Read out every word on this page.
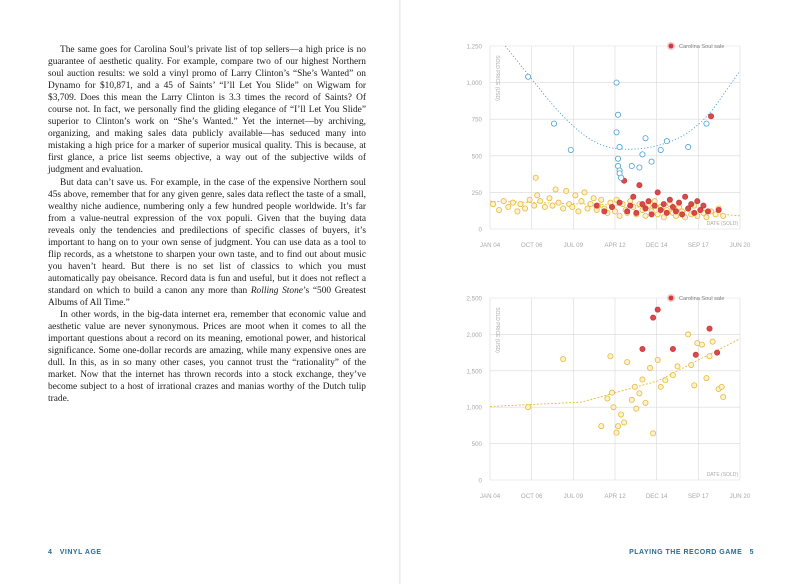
The same goes for Carolina Soul’s private list of top sellers—a high price is no guarantee of aesthetic quality. For example, compare two of our highest Northern soul auction results: we sold a vinyl promo of Larry Clinton’s “She’s Wanted” on Dynamo for $10,871, and a 45 of Saints’ “I’ll Let You Slide” on Wigwam for $3,709. Does this mean the Larry Clinton is 3.3 times the record of Saints? Of course not. In fact, we personally find the gliding elegance of “I’ll Let You Slide” superior to Clinton’s work on “She’s Wanted.” Yet the internet—by archiving, organizing, and making sales data publicly available—has seduced many into mistaking a high price for a marker of superior musical quality. This is because, at first glance, a price list seems objective, a way out of the subjective wilds of judgment and evaluation.

But data can’t save us. For example, in the case of the expensive Northern soul 45s above, remember that for any given genre, sales data reflect the taste of a small, wealthy niche audience, numbering only a few hundred people worldwide. It’s far from a value-neutral expression of the vox populi. Given that the buying data reveals only the tendencies and predilections of specific classes of buyers, it’s important to hang on to your own sense of judgment. You can use data as a tool to flip records, as a whetstone to sharpen your own taste, and to find out about music you haven’t heard. But there is no set list of classics to which you must automatically pay obeisance. Record data is fun and useful, but it does not reflect a standard on which to build a canon any more than Rolling Stone’s “500 Greatest Albums of All Time.”

In other words, in the big-data internet era, remember that economic value and aesthetic value are never synonymous. Prices are moot when it comes to all the important questions about a record on its meaning, emotional power, and historical significance. Some one-dollar records are amazing, while many expensive ones are dull. In this, as in so many other cases, you cannot trust the “rationality” of the market. Now that the internet has thrown records into a stock exchange, they’ve become subject to a host of irrational crazes and manias worthy of the Dutch tulip trade.

4 VINYL AGE
0
250
500
750
1,000
1,250
JAN 04	OCT 06	JUL 09	APR 12	DEC 14	SEP 17	JUN 20
SOLD PRICE (USD)
DATE (SOLD)
Carolina Soul sale
0
500
1,000
1,500
2,000
2,500
JAN 04	OCT 06	JUL 09	APR 12	DEC 14	SEP 17	JUN 20
SOLD PRICE (USD)
DATE (SOLD)
Carolina Soul sale
PLAYING THE RECORD GAME 5
